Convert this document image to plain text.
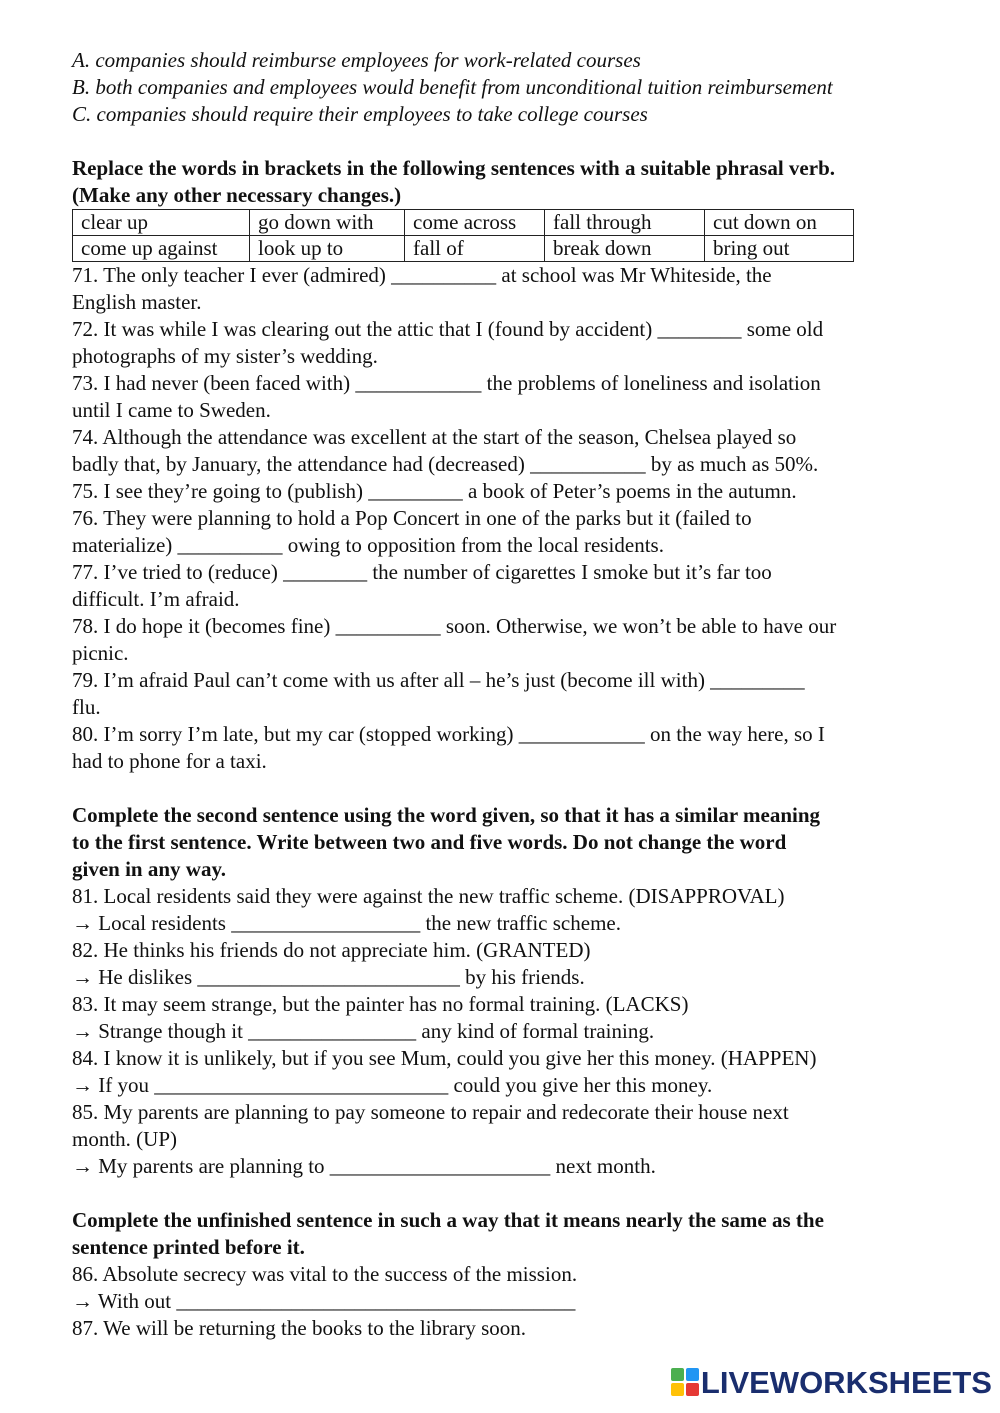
A. companies should reimburse employees for work-related courses
B. both companies and employees would benefit from unconditional tuition reimbursement
C. companies should require their employees to take college courses
Replace the words in brackets in the following sentences with a suitable phrasal verb.
(Make any other necessary changes.)
clear up	go down with	come across	fall through	cut down on
come up against	look up to	fall of	break down	bring out
71. The only teacher I ever (admired) __________ at school was Mr Whiteside, the
English master.
72. It was while I was clearing out the attic that I (found by accident) ________ some old
photographs of my sister’s wedding.
73. I had never (been faced with) ____________ the problems of loneliness and isolation
until I came to Sweden.
74. Although the attendance was excellent at the start of the season, Chelsea played so
badly that, by January, the attendance had (decreased) ___________ by as much as 50%.
75. I see they’re going to (publish) _________ a book of Peter’s poems in the autumn.
76. They were planning to hold a Pop Concert in one of the parks but it (failed to
materialize) __________ owing to opposition from the local residents.
77. I’ve tried to (reduce) ________ the number of cigarettes I smoke but it’s far too
difficult. I’m afraid.
78. I do hope it (becomes fine) __________ soon. Otherwise, we won’t be able to have our
picnic.
79. I’m afraid Paul can’t come with us after all – he’s just (become ill with) _________
flu.
80. I’m sorry I’m late, but my car (stopped working) ____________ on the way here, so I
had to phone for a taxi.
Complete the second sentence using the word given, so that it has a similar meaning
to the first sentence. Write between two and five words. Do not change the word
given in any way.
81. Local residents said they were against the new traffic scheme. (DISAPPROVAL)
→ Local residents __________________ the new traffic scheme.
82. He thinks his friends do not appreciate him. (GRANTED)
→ He dislikes _________________________ by his friends.
83. It may seem strange, but the painter has no formal training. (LACKS)
→ Strange though it ________________ any kind of formal training.
84. I know it is unlikely, but if you see Mum, could you give her this money. (HAPPEN)
→ If you ____________________________ could you give her this money.
85. My parents are planning to pay someone to repair and redecorate their house next
month. (UP)
→ My parents are planning to _____________________ next month.
Complete the unfinished sentence in such a way that it means nearly the same as the
sentence printed before it.
86. Absolute secrecy was vital to the success of the mission.
→ With out ______________________________________
87. We will be returning the books to the library soon.
LIVEWORKSHEETS
